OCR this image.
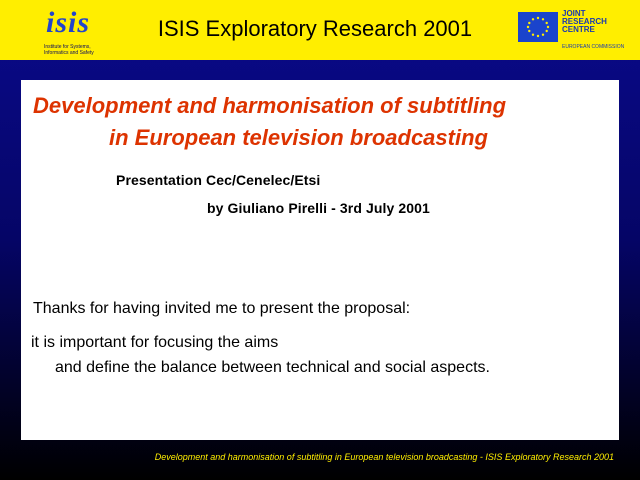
isis
Institute for Systems,
Informatics and Safety
ISIS Exploratory Research 2001
JOINT
RESEARCH
CENTRE
EUROPEAN COMMISSION
Development and harmonisation of subtitling
in European television broadcasting
Presentation Cec/Cenelec/Etsi
by Giuliano Pirelli - 3rd July 2001
Thanks for having invited me to present the proposal:
it is important for focusing the aims
and define the balance between technical and social aspects.
Development and harmonisation of subtitling in European television broadcasting - ISIS Exploratory Research 2001
